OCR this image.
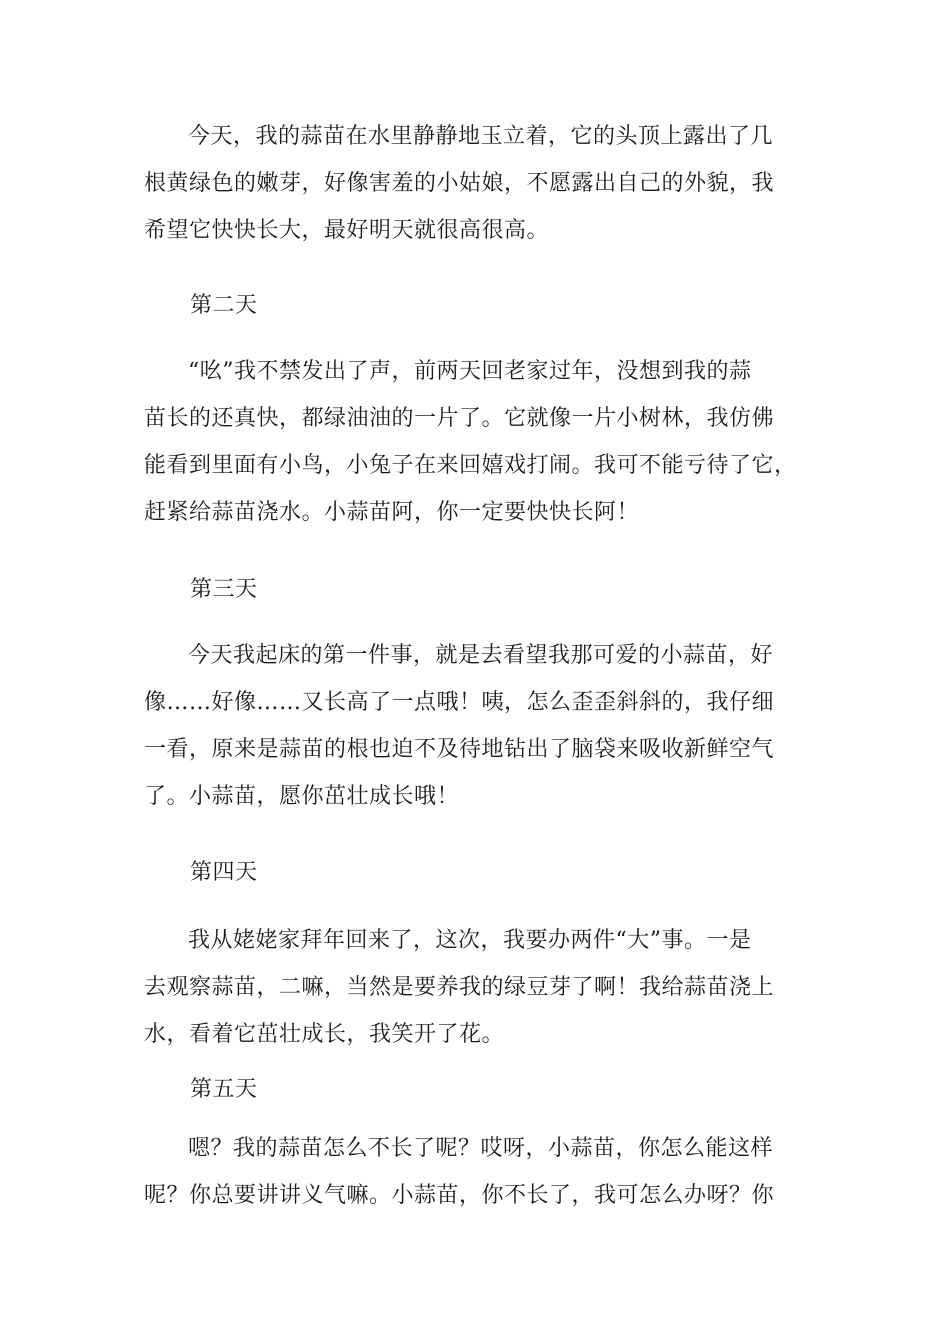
今天，我的蒜苗在水里静静地玉立着，它的头顶上露出了几
根黄绿色的嫩芽，好像害羞的小姑娘，不愿露出自己的外貌，我
希望它快快长大，最好明天就很高很高。
第二天
“吆”我不禁发出了声，前两天回老家过年，没想到我的蒜
苗长的还真快，都绿油油的一片了。它就像一片小树林，我仿佛
能看到里面有小鸟，小兔子在来回嬉戏打闹。我可不能亏待了它，
赶紧给蒜苗浇水。小蒜苗阿，你一定要快快长阿！
第三天
今天我起床的第一件事，就是去看望我那可爱的小蒜苗，好
像……好像……又长高了一点哦！咦，怎么歪歪斜斜的，我仔细
一看，原来是蒜苗的根也迫不及待地钻出了脑袋来吸收新鲜空气
了。小蒜苗，愿你茁壮成长哦！
第四天
我从姥姥家拜年回来了，这次，我要办两件“大”事。一是
去观察蒜苗，二嘛，当然是要养我的绿豆芽了啊！我给蒜苗浇上
水，看着它茁壮成长，我笑开了花。
第五天
嗯？我的蒜苗怎么不长了呢？哎呀，小蒜苗，你怎么能这样
呢？你总要讲讲义气嘛。小蒜苗，你不长了，我可怎么办呀？你
